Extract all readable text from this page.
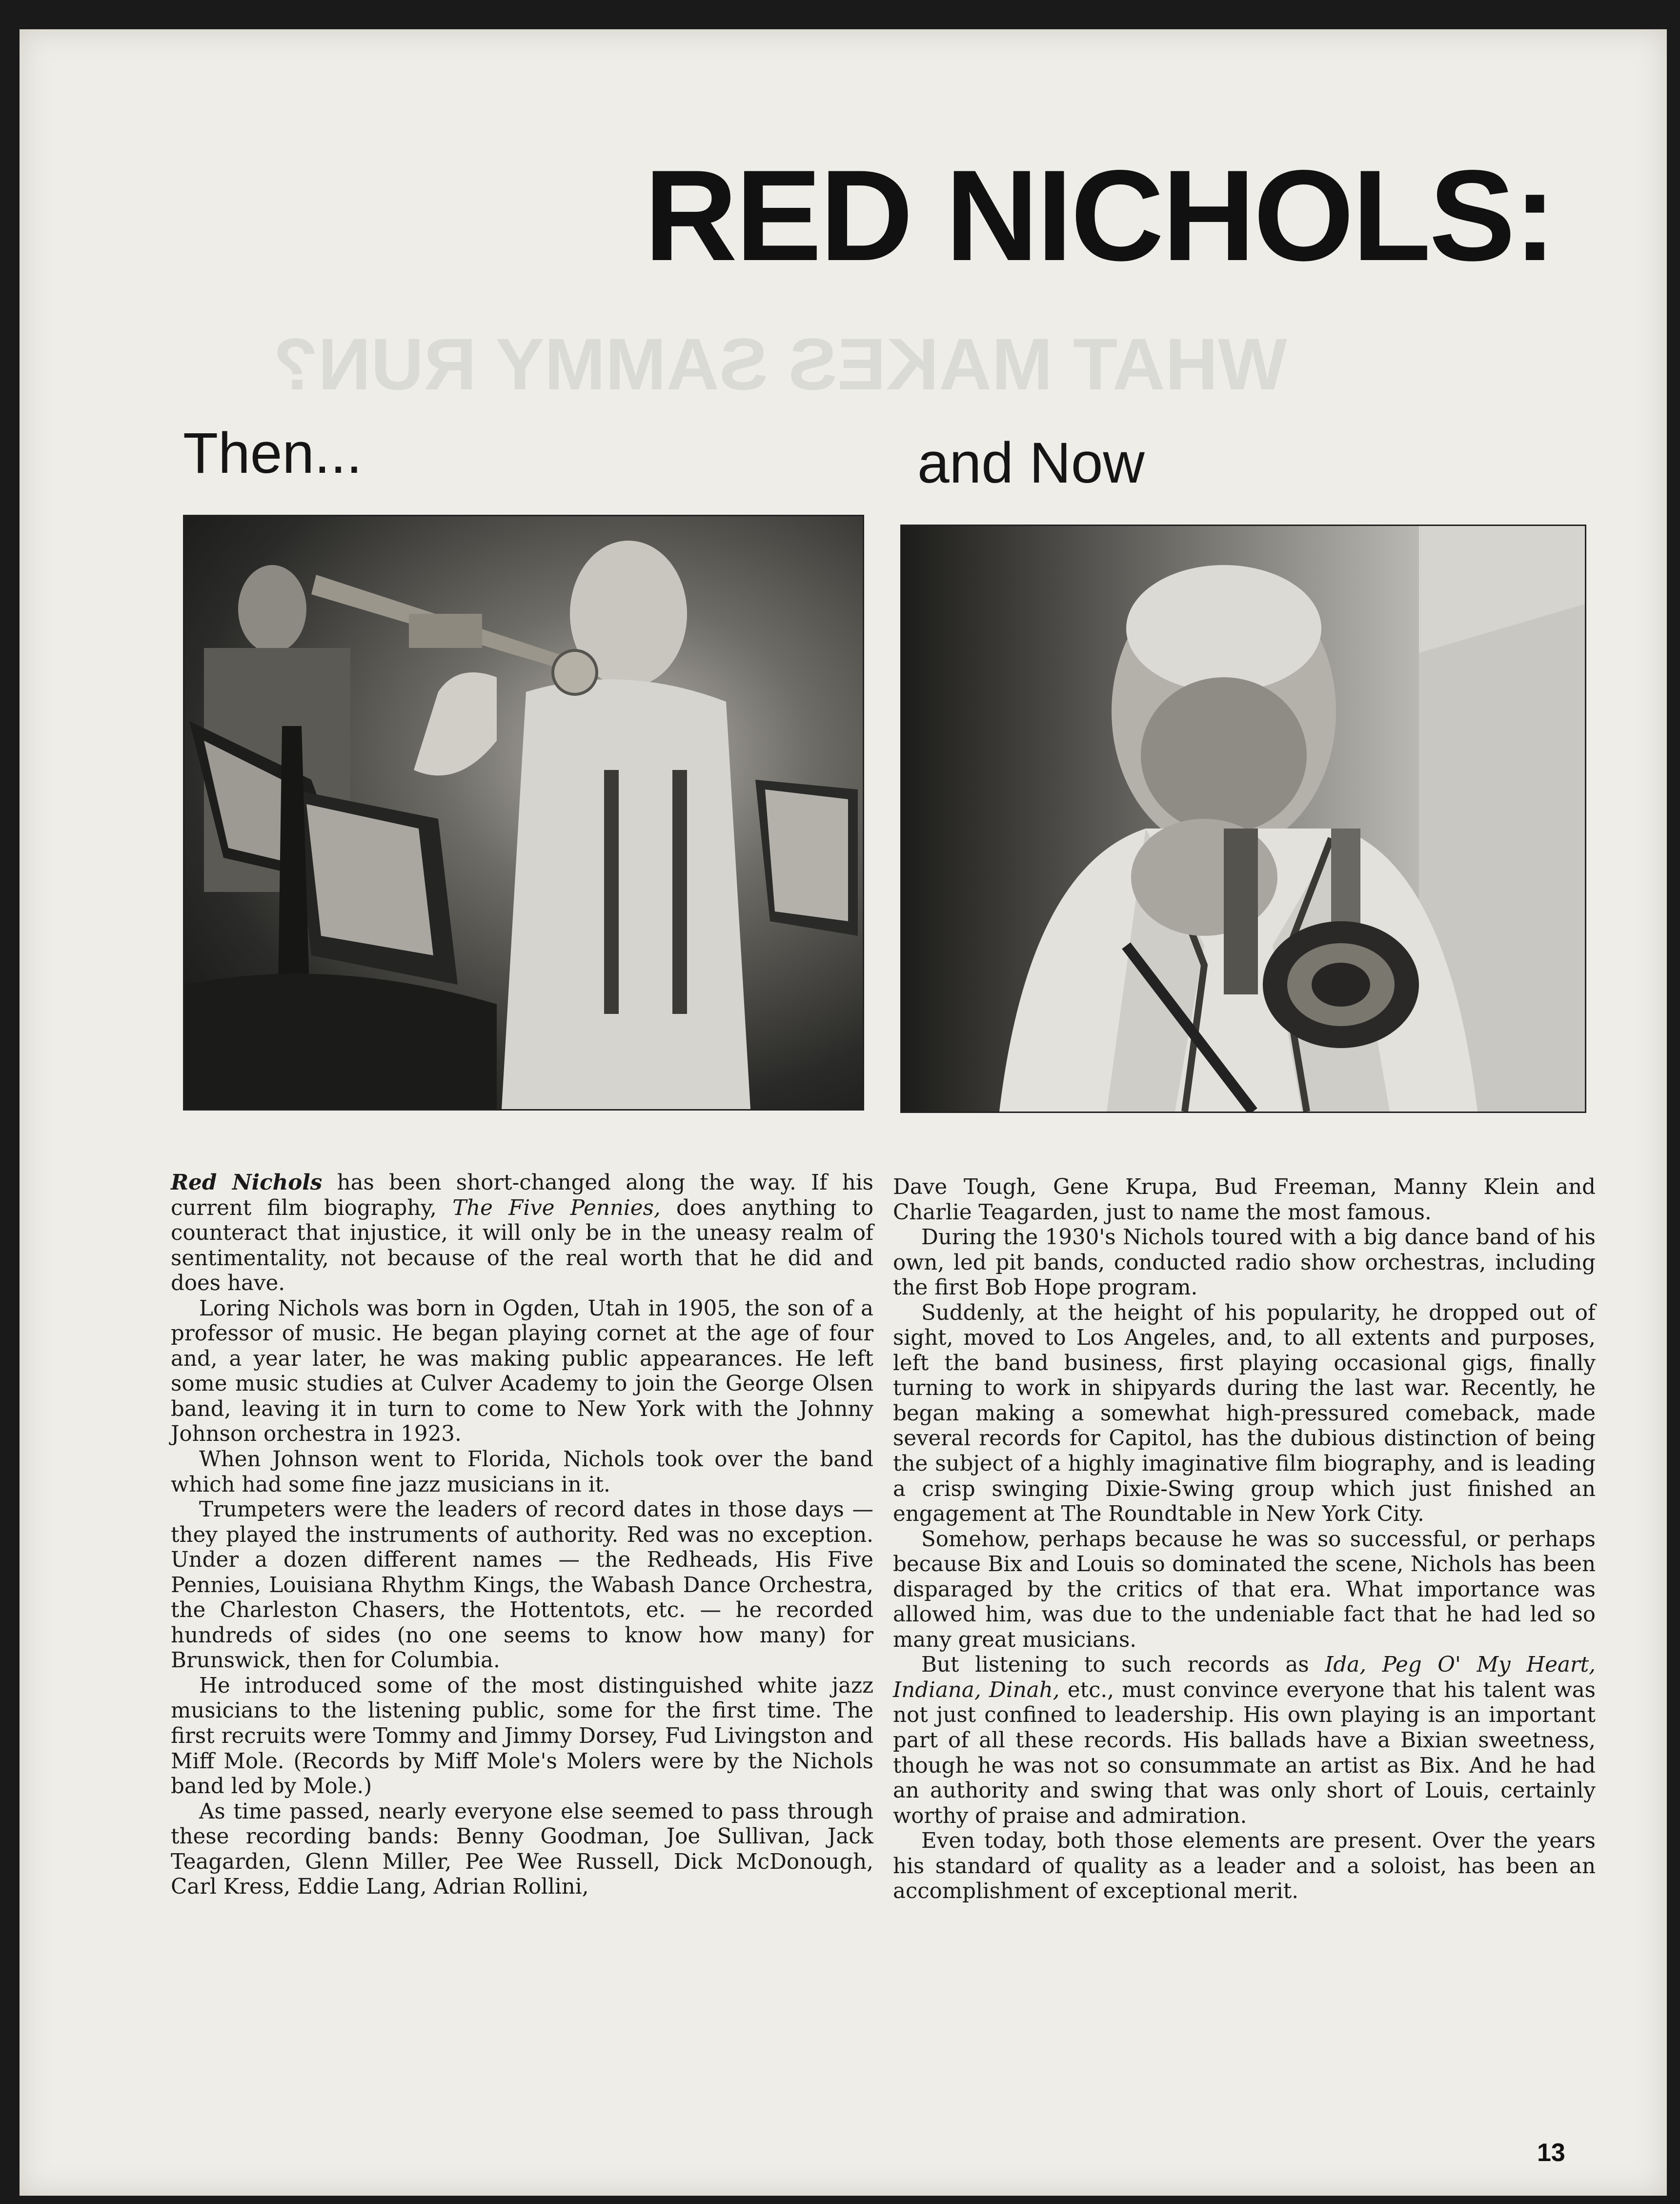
WHAT MAKES SAMMY RUN?
RED NICHOLS:
Then...	and Now

Red Nichols has been short-changed along the way. If his current film biography, The Five Pennies, does anything to counteract that injustice, it will only be in the uneasy realm of sentimentality, not because of the real worth that he did and does have.

Loring Nichols was born in Ogden, Utah in 1905, the son of a professor of music. He began playing cornet at the age of four and, a year later, he was making public appearances. He left some music studies at Culver Academy to join the George Olsen band, leaving it in turn to come to New York with the Johnny Johnson orchestra in 1923.

When Johnson went to Florida, Nichols took over the band which had some fine jazz musicians in it.

Trumpeters were the leaders of record dates in those days — they played the instruments of authority. Red was no exception. Under a dozen different names — the Redheads, His Five Pennies, Louisiana Rhythm Kings, the Wabash Dance Orchestra, the Charleston Chasers, the Hottentots, etc. — he recorded hundreds of sides (no one seems to know how many) for Brunswick, then for Columbia.

He introduced some of the most distinguished white jazz musicians to the listening public, some for the first time. The first recruits were Tommy and Jimmy Dorsey, Fud Livingston and Miff Mole. (Records by Miff Mole's Molers were by the Nichols band led by Mole.)

As time passed, nearly everyone else seemed to pass through these recording bands: Benny Goodman, Joe Sullivan, Jack Teagarden, Glenn Miller, Pee Wee Russell, Dick McDonough, Carl Kress, Eddie Lang, Adrian Rollini,

Dave Tough, Gene Krupa, Bud Freeman, Manny Klein and Charlie Teagarden, just to name the most famous.

During the 1930's Nichols toured with a big dance band of his own, led pit bands, conducted radio show orchestras, including the first Bob Hope program.

Suddenly, at the height of his popularity, he dropped out of sight, moved to Los Angeles, and, to all extents and purposes, left the band business, first playing occasional gigs, finally turning to work in shipyards during the last war. Recently, he began making a somewhat high-pressured comeback, made several records for Capitol, has the dubious distinction of being the subject of a highly imaginative film biography, and is leading a crisp swinging Dixie-Swing group which just finished an engagement at The Roundtable in New York City.

Somehow, perhaps because he was so successful, or perhaps because Bix and Louis so dominated the scene, Nichols has been disparaged by the critics of that era. What importance was allowed him, was due to the undeniable fact that he had led so many great musicians.

But listening to such records as Ida, Peg O' My Heart, Indiana, Dinah, etc., must convince everyone that his talent was not just confined to leadership. His own playing is an important part of all these records. His ballads have a Bixian sweetness, though he was not so consummate an artist as Bix. And he had an authority and swing that was only short of Louis, certainly worthy of praise and admiration.

Even today, both those elements are present. Over the years his standard of quality as a leader and a soloist, has been an accomplishment of exceptional merit.

13
